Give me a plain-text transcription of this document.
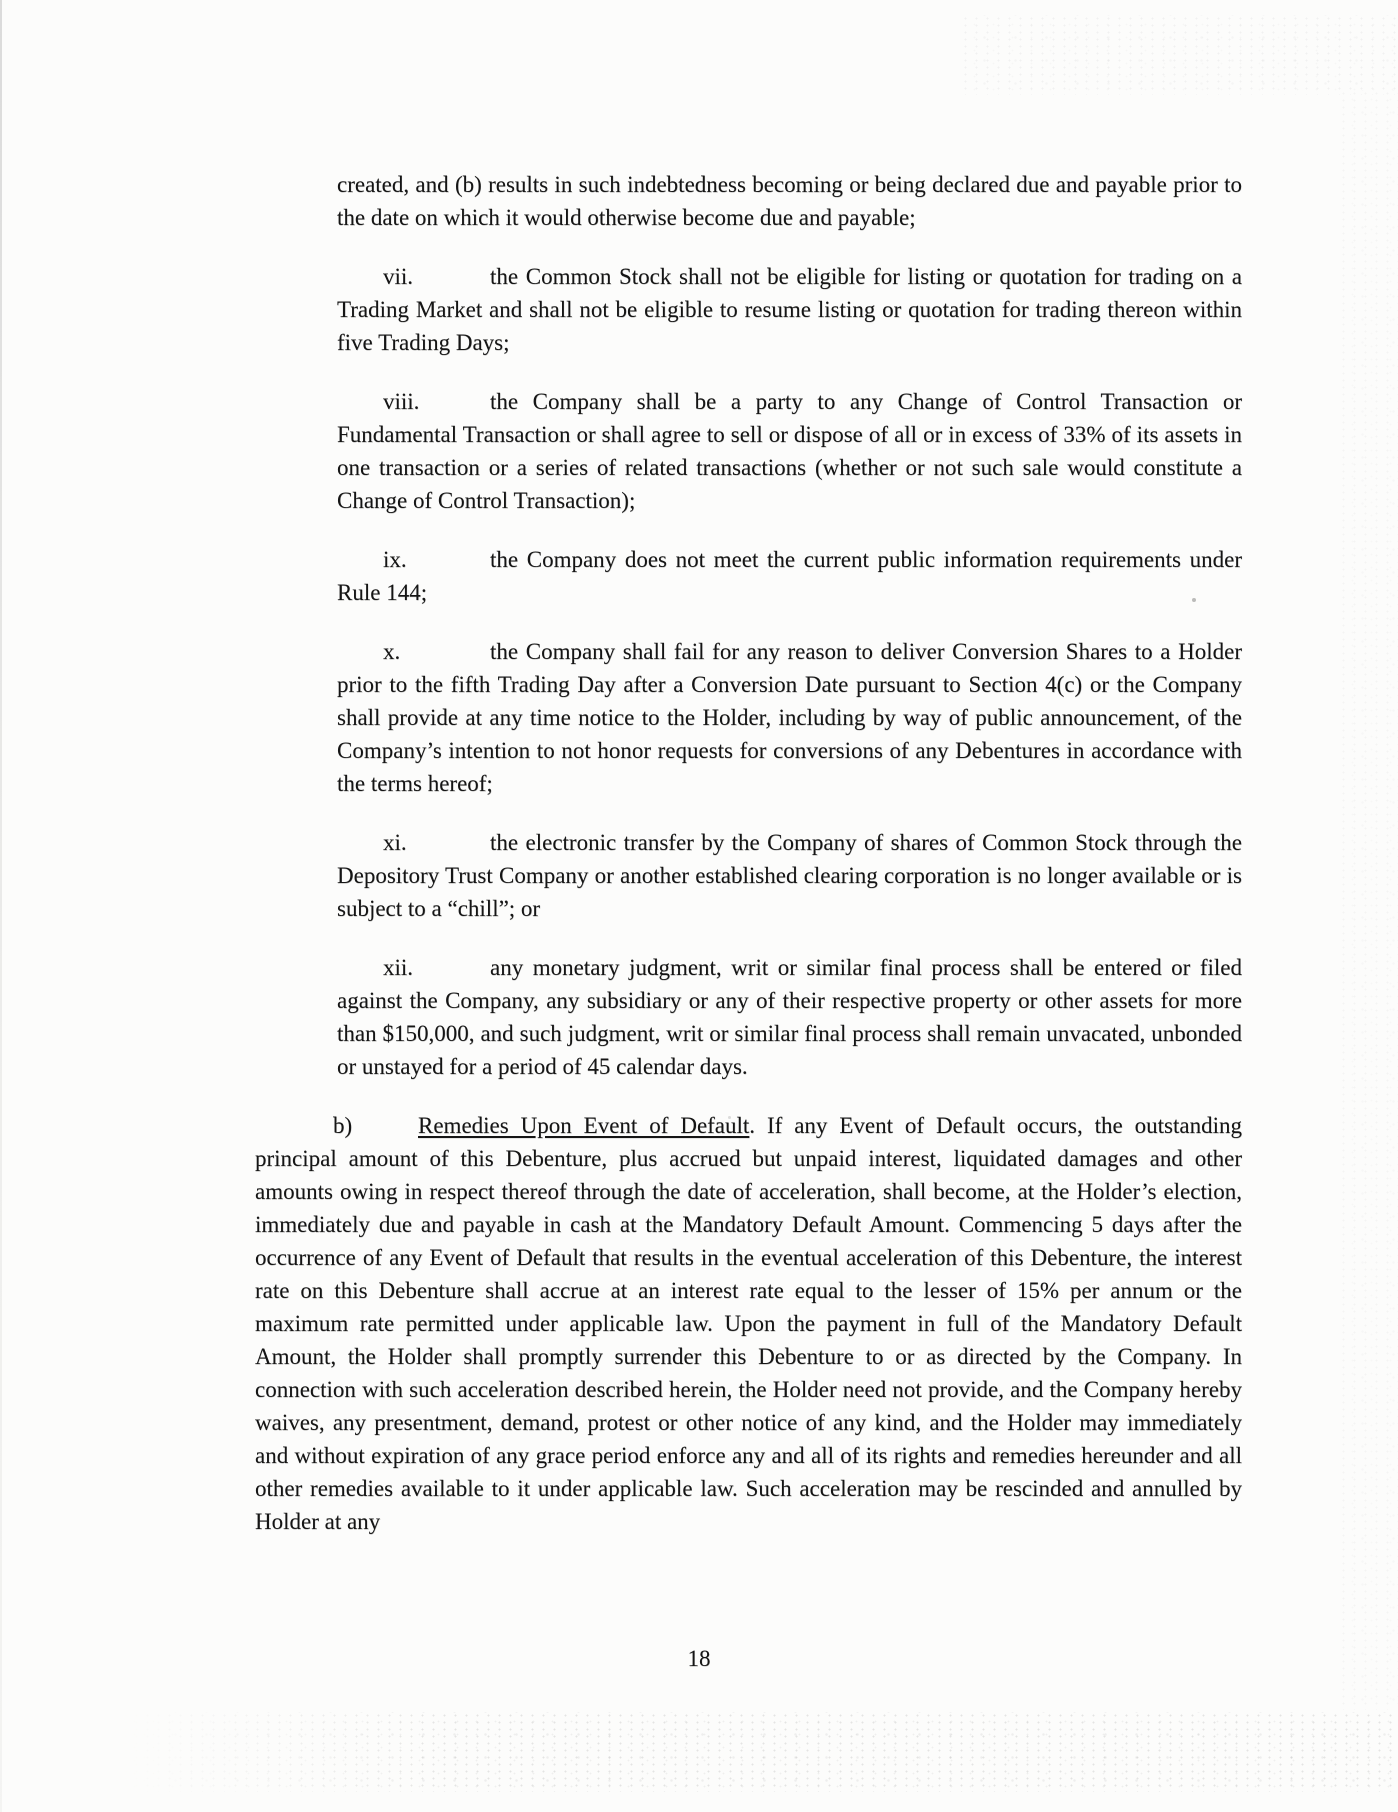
created, and (b) results in such indebtedness becoming or being declared due and payable prior to the date on which it would otherwise become due and payable;

vii.	the Common Stock shall not be eligible for listing or quotation for trading on a Trading Market and shall not be eligible to resume listing or quotation for trading thereon within five Trading Days;

viii.	the Company shall be a party to any Change of Control Transaction or Fundamental Transaction or shall agree to sell or dispose of all or in excess of 33% of its assets in one transaction or a series of related transactions (whether or not such sale would constitute a Change of Control Transaction);

ix.	the Company does not meet the current public information requirements under Rule 144;

x.	the Company shall fail for any reason to deliver Conversion Shares to a Holder prior to the fifth Trading Day after a Conversion Date pursuant to Section 4(c) or the Company shall provide at any time notice to the Holder, including by way of public announcement, of the Company’s intention to not honor requests for conversions of any Debentures in accordance with the terms hereof;

xi.	the electronic transfer by the Company of shares of Common Stock through the Depository Trust Company or another established clearing corporation is no longer available or is subject to a “chill”; or

xii.	any monetary judgment, writ or similar final process shall be entered or filed against the Company, any subsidiary or any of their respective property or other assets for more than $150,000, and such judgment, writ or similar final process shall remain unvacated, unbonded or unstayed for a period of 45 calendar days.

b)	Remedies Upon Event of Default. If any Event of Default occurs, the outstanding principal amount of this Debenture, plus accrued but unpaid interest, liquidated damages and other amounts owing in respect thereof through the date of acceleration, shall become, at the Holder’s election, immediately due and payable in cash at the Mandatory Default Amount. Commencing 5 days after the occurrence of any Event of Default that results in the eventual acceleration of this Debenture, the interest rate on this Debenture shall accrue at an interest rate equal to the lesser of 15% per annum or the maximum rate permitted under applicable law. Upon the payment in full of the Mandatory Default Amount, the Holder shall promptly surrender this Debenture to or as directed by the Company. In connection with such acceleration described herein, the Holder need not provide, and the Company hereby waives, any presentment, demand, protest or other notice of any kind, and the Holder may immediately and without expiration of any grace period enforce any and all of its rights and remedies hereunder and all other remedies available to it under applicable law. Such acceleration may be rescinded and annulled by Holder at any

18
